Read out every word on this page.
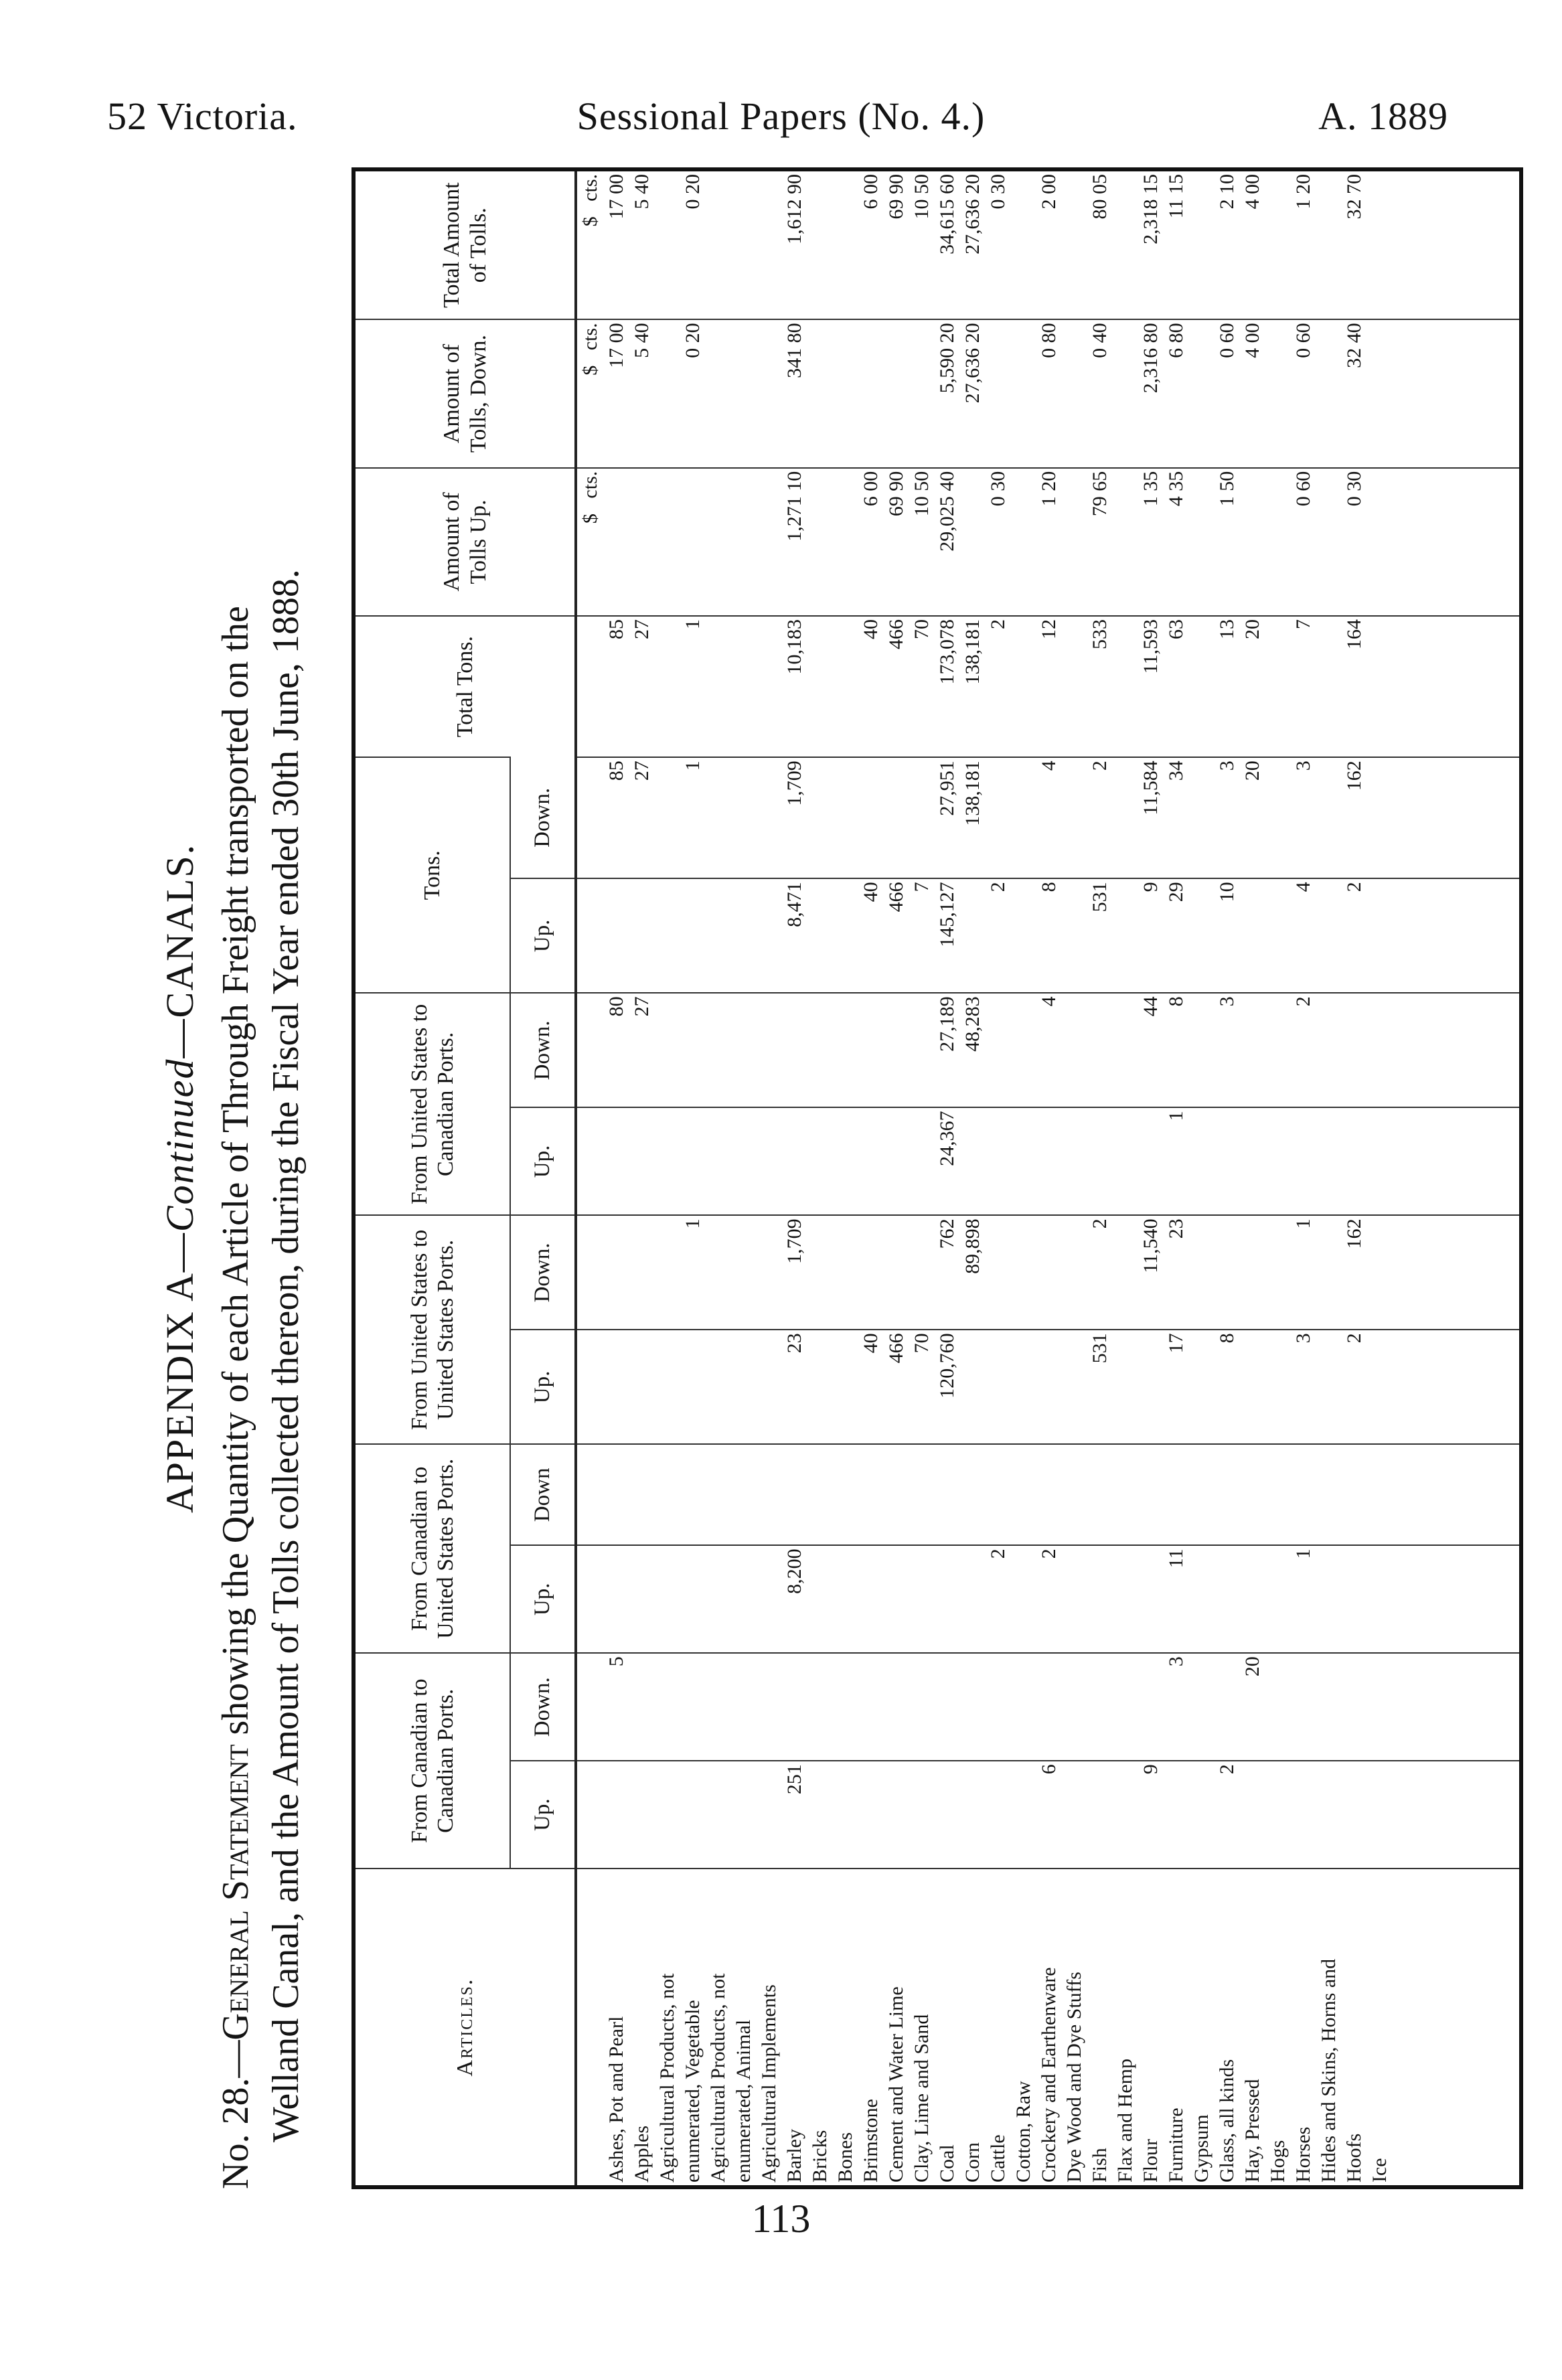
52 Victoria.	Sessional Papers (No. 4.)	A. 1889
APPENDIX A—Continued—CANALS.
No. 28.—General Statement showing the Quantity of each Article of Through Freight transported on the Welland Canal, and the Amount of Tolls collected thereon, during the Fiscal Year ended 30th June, 1888.	Articles.	From Canadian to Canadian Ports.		From Canadian to United States Ports.		From United States to United States Ports.		From United States to Canadian Ports.		Tons.		Total Tons.	Amount of Tolls Up.	Amount of Tolls, Down.	Total Amount of Tolls.
	Up.	Down.	Up.	Down	Up.	Down.	Up.	Down.	Up.	Down.				
												$   cts.	$   cts.	$   cts.
Ashes, Pot and Pearl		5						80		85	85		17 00	17 00
Apples								27		27	27		5 40	5 40
Agricultural Products, not														
enumerated, Vegetable						1				1	1		0 20	0 20
Agricultural Products, not														
enumerated, Animal														
Agricultural Implements														
Barley	251		8,200		23	1,709			8,471	1,709	10,183	1,271 10	341 80	1,612 90
Bricks														
Bones														
Brimstone					40				40		40	6 00		6 00
Cement and Water Lime					466				466		466	69 90		69 90
Clay, Lime and Sand					70				7		70	10 50		10 50
Coal					120,760	762	24,367	27,189	145,127	27,951	173,078	29,025 40	5,590 20	34,615 60
Corn						89,898		48,283		138,181	138,181		27,636 20	27,636 20
Cattle			2						2		2	0 30		0 30
Cotton, Raw														
Crockery and Earthenware	6		2					4	8	4	12	1 20	0 80	2 00
Dye Wood and Dye Stuffs														
Fish					531	2			531	2	533	79 65	0 40	80 05
Flax and Hemp														
Flour	9					11,540		44	9	11,584	11,593	1 35	2,316 80	2,318 15
Furniture		3	11		17	23	1	8	29	34	63	4 35	6 80	11 15
Gypsum														
Glass, all kinds	2				8			3	10	3	13	1 50	0 60	2 10
Hay, Pressed		20								20	20		4 00	4 00
Hogs														
Horses			1		3	1		2	4	3	7	0 60	0 60	1 20
Hides and Skins, Horns and														
Hoofs					2	162			2	162	164	0 30	32 40	32 70
Ice														

113
